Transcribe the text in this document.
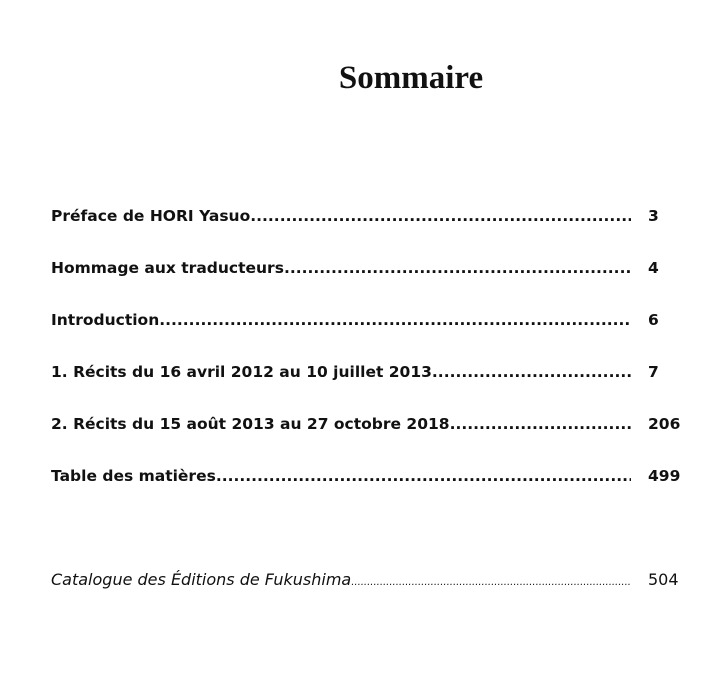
Sommaire
Préface de HORI Yasuo .....	3
Hommage aux traducteurs .....	4
Introduction .....	6
1. Récits du 16 avril 2012 au 10 juillet 2013 .....	7
2. Récits du 15 août 2013 au 27 octobre 2018 .....	206
Table des matières .....	499
Catalogue des Éditions de Fukushima .....	504
